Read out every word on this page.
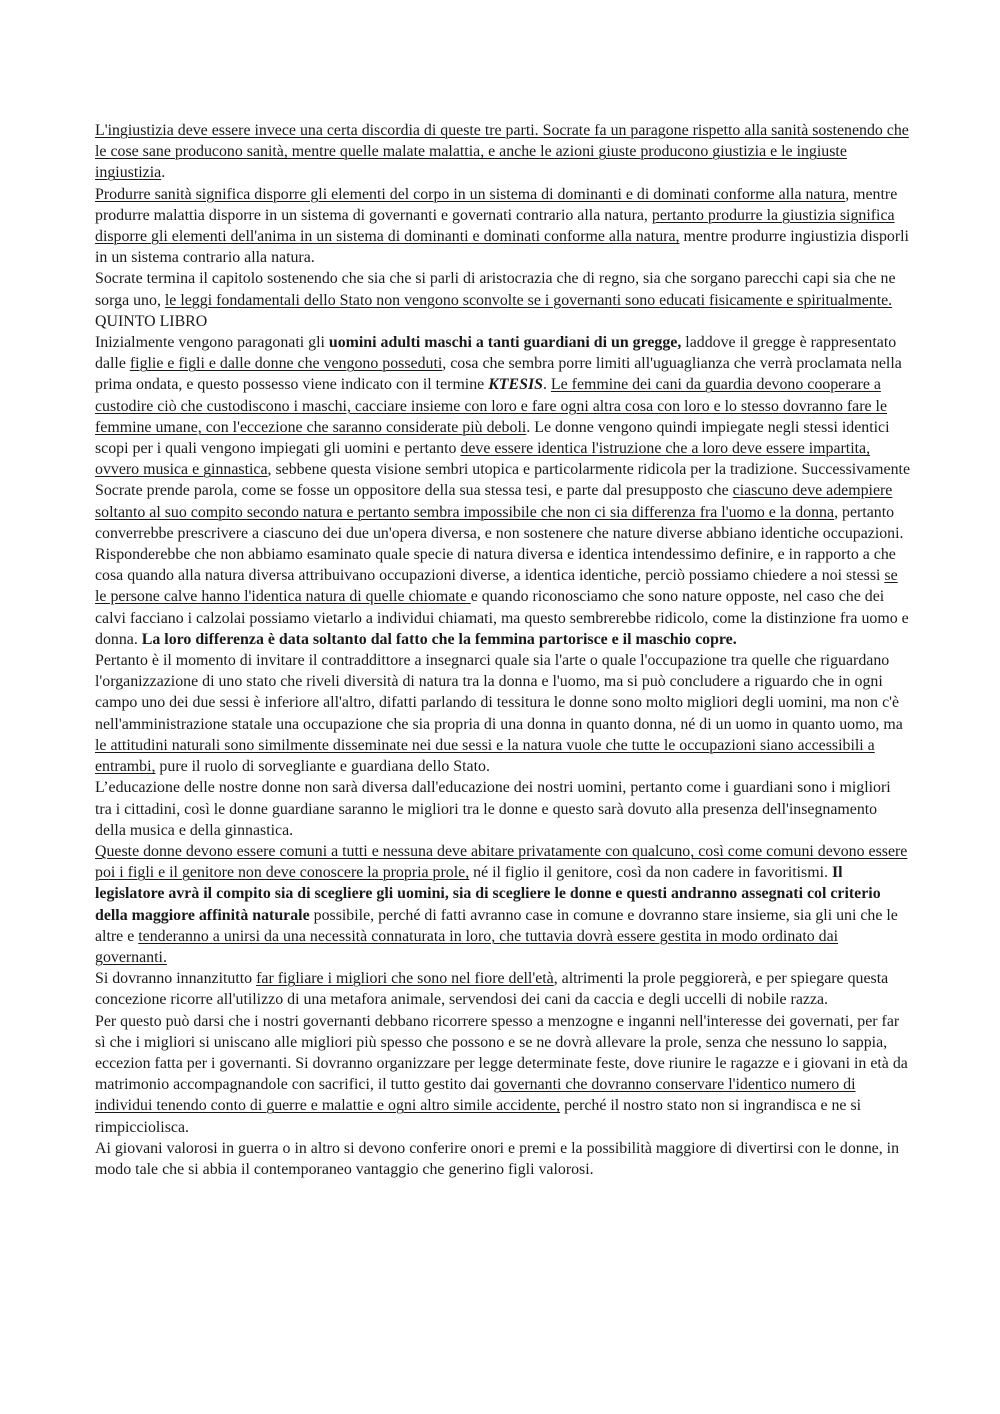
L'ingiustizia deve essere invece una certa discordia di queste tre parti. Socrate fa un paragone rispetto alla sanità sostenendo che le cose sane producono sanità, mentre quelle malate malattia, e anche le azioni giuste producono giustizia e le ingiuste ingiustizia.

Produrre sanità significa disporre gli elementi del corpo in un sistema di dominanti e di dominati conforme alla natura, mentre produrre malattia disporre in un sistema di governanti e governati contrario alla natura, pertanto produrre la giustizia significa disporre gli elementi dell'anima in un sistema di dominanti e dominati conforme alla natura, mentre produrre ingiustizia disporli in un sistema contrario alla natura.

Socrate termina il capitolo sostenendo che sia che si parli di aristocrazia che di regno, sia che sorgano parecchi capi sia che ne sorga uno, le leggi fondamentali dello Stato non vengono sconvolte se i governanti sono educati fisicamente e spiritualmente.

QUINTO LIBRO

Inizialmente vengono paragonati gli uomini adulti maschi a tanti guardiani di un gregge, laddove il gregge è rappresentato dalle figlie e figli e dalle donne che vengono posseduti, cosa che sembra porre limiti all'uguaglianza che verrà proclamata nella prima ondata, e questo possesso viene indicato con il termine KTESIS. Le femmine dei cani da guardia devono cooperare a custodire ciò che custodiscono i maschi, cacciare insieme con loro e fare ogni altra cosa con loro e lo stesso dovranno fare le femmine umane, con l'eccezione che saranno considerate più deboli. Le donne vengono quindi impiegate negli stessi identici scopi per i quali vengono impiegati gli uomini e pertanto deve essere identica l'istruzione che a loro deve essere impartita, ovvero musica e ginnastica, sebbene questa visione sembri utopica e particolarmente ridicola per la tradizione. Successivamente Socrate prende parola, come se fosse un oppositore della sua stessa tesi, e parte dal presupposto che ciascuno deve adempiere soltanto al suo compito secondo natura e pertanto sembra impossibile che non ci sia differenza fra l'uomo e la donna, pertanto converrebbe prescrivere a ciascuno dei due un'opera diversa, e non sostenere che nature diverse abbiano identiche occupazioni.

Risponderebbe che non abbiamo esaminato quale specie di natura diversa e identica intendessimo definire, e in rapporto a che cosa quando alla natura diversa attribuivano occupazioni diverse, a identica identiche, perciò possiamo chiedere a noi stessi se le persone calve hanno l'identica natura di quelle chiomate e quando riconosciamo che sono nature opposte, nel caso che dei calvi facciano i calzolai possiamo vietarlo a individui chiamati, ma questo sembrerebbe ridicolo, come la distinzione fra uomo e donna. La loro differenza è data soltanto dal fatto che la femmina partorisce e il maschio copre.

Pertanto è il momento di invitare il contraddittore a insegnarci quale sia l'arte o quale l'occupazione tra quelle che riguardano l'organizzazione di uno stato che riveli diversità di natura tra la donna e l'uomo, ma si può concludere a riguardo che in ogni campo uno dei due sessi è inferiore all'altro, difatti parlando di tessitura le donne sono molto migliori degli uomini, ma non c'è nell'amministrazione statale una occupazione che sia propria di una donna in quanto donna, né di un uomo in quanto uomo, ma le attitudini naturali sono similmente disseminate nei due sessi e la natura vuole che tutte le occupazioni siano accessibili a entrambi, pure il ruolo di sorvegliante e guardiana dello Stato.

L’educazione delle nostre donne non sarà diversa dall'educazione dei nostri uomini, pertanto come i guardiani sono i migliori tra i cittadini, così le donne guardiane saranno le migliori tra le donne e questo sarà dovuto alla presenza dell'insegnamento della musica e della ginnastica.

Queste donne devono essere comuni a tutti e nessuna deve abitare privatamente con qualcuno, così come comuni devono essere poi i figli e il genitore non deve conoscere la propria prole, né il figlio il genitore, così da non cadere in favoritismi. Il legislatore avrà il compito sia di scegliere gli uomini, sia di scegliere le donne e questi andranno assegnati col criterio della maggiore affinità naturale possibile, perché di fatti avranno case in comune e dovranno stare insieme, sia gli uni che le altre e tenderanno a unirsi da una necessità connaturata in loro, che tuttavia dovrà essere gestita in modo ordinato dai governanti.

Si dovranno innanzitutto far figliare i migliori che sono nel fiore dell'età, altrimenti la prole peggiorerà, e per spiegare questa concezione ricorre all'utilizzo di una metafora animale, servendosi dei cani da caccia e degli uccelli di nobile razza.

Per questo può darsi che i nostri governanti debbano ricorrere spesso a menzogne e inganni nell'interesse dei governati, per far sì che i migliori si uniscano alle migliori più spesso che possono e se ne dovrà allevare la prole, senza che nessuno lo sappia, eccezion fatta per i governanti. Si dovranno organizzare per legge determinate feste, dove riunire le ragazze e i giovani in età da matrimonio accompagnandole con sacrifici, il tutto gestito dai governanti che dovranno conservare l'identico numero di individui tenendo conto di guerre e malattie e ogni altro simile accidente, perché il nostro stato non si ingrandisca e ne si rimpicciolisca.

Ai giovani valorosi in guerra o in altro si devono conferire onori e premi e la possibilità maggiore di divertirsi con le donne, in modo tale che si abbia il contemporaneo vantaggio che generino figli valorosi.
